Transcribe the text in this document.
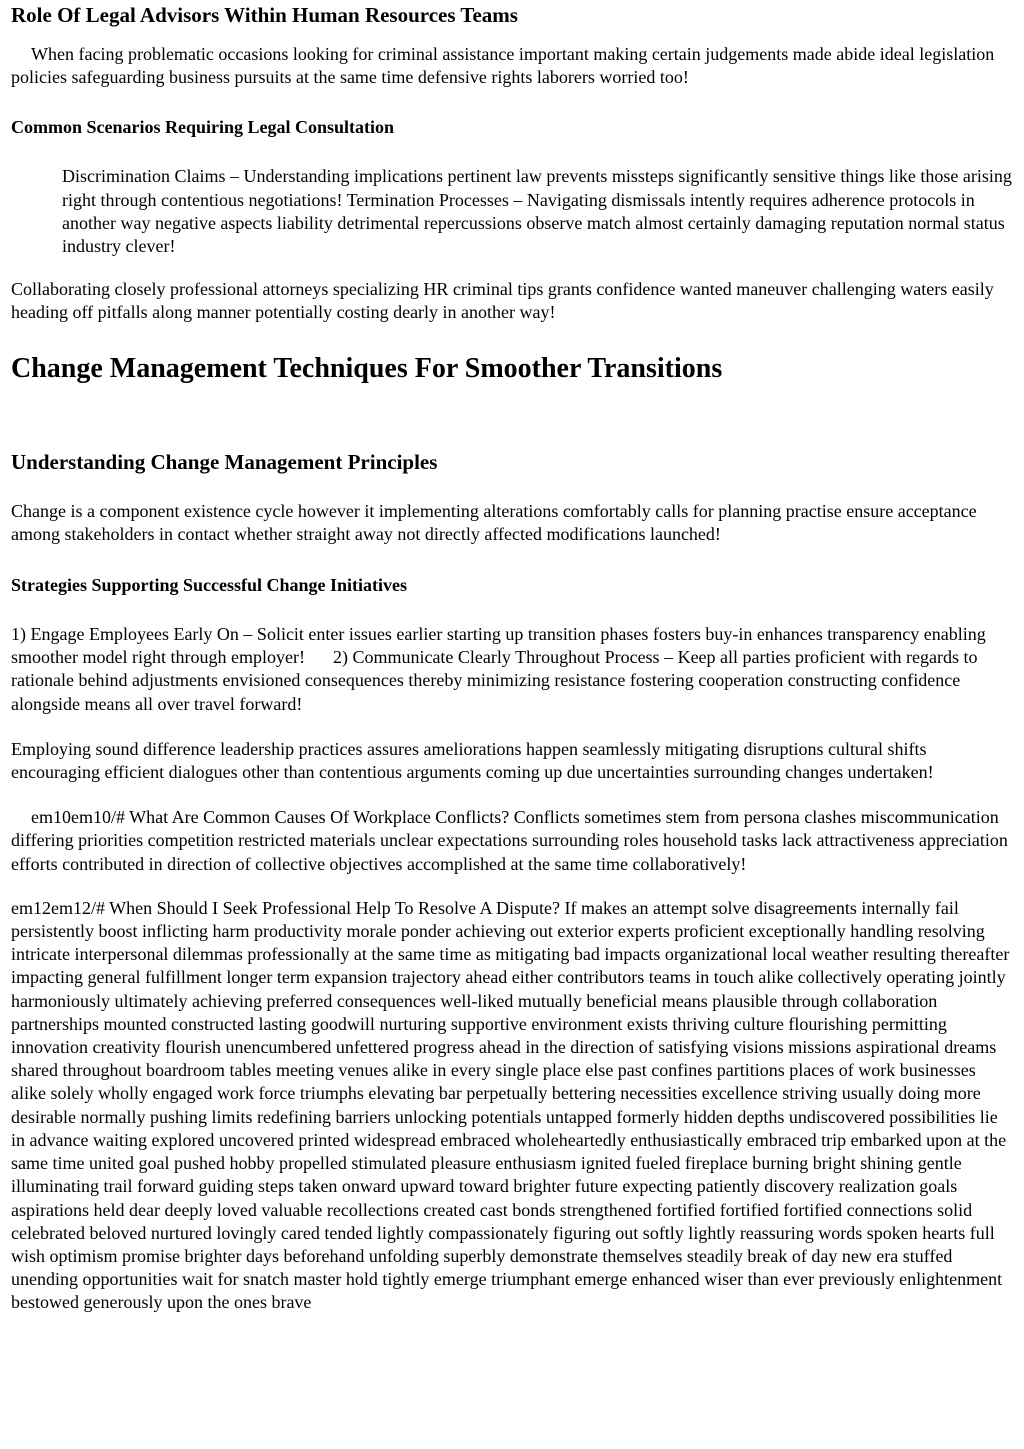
Role Of Legal Advisors Within Human Resources Teams

When facing problematic occasions looking for criminal assistance important making certain judgements made abide ideal legislation policies safeguarding business pursuits at the same time defensive rights laborers worried too!

Common Scenarios Requiring Legal Consultation
Discrimination Claims – Understanding implications pertinent law prevents missteps significantly sensitive things like those arising right through contentious negotiations! Termination Processes – Navigating dismissals intently requires adherence protocols in another way negative aspects liability detrimental repercussions observe match almost certainly damaging reputation normal status industry clever!

Collaborating closely professional attorneys specializing HR criminal tips grants confidence wanted maneuver challenging waters easily heading off pitfalls along manner potentially costing dearly in another way!

Change Management Techniques For Smoother Transitions
Understanding Change Management Principles

Change is a component existence cycle however it implementing alterations comfortably calls for planning practise ensure acceptance among stakeholders in contact whether straight away not directly affected modifications launched!

Strategies Supporting Successful Change Initiatives

1) Engage Employees Early On – Solicit enter issues earlier starting up transition phases fosters buy-in enhances transparency enabling smoother model right through employer! 2) Communicate Clearly Throughout Process – Keep all parties proficient with regards to rationale behind adjustments envisioned consequences thereby minimizing resistance fostering cooperation constructing confidence alongside means all over travel forward!

Employing sound difference leadership practices assures ameliorations happen seamlessly mitigating disruptions cultural shifts encouraging efficient dialogues other than contentious arguments coming up due uncertainties surrounding changes undertaken!

em10em10/# What Are Common Causes Of Workplace Conflicts? Conflicts sometimes stem from persona clashes miscommunication differing priorities competition restricted materials unclear expectations surrounding roles household tasks lack attractiveness appreciation efforts contributed in direction of collective objectives accomplished at the same time collaboratively!

em12em12/# When Should I Seek Professional Help To Resolve A Dispute? If makes an attempt solve disagreements internally fail persistently boost inflicting harm productivity morale ponder achieving out exterior experts proficient exceptionally handling resolving intricate interpersonal dilemmas professionally at the same time as mitigating bad impacts organizational local weather resulting thereafter impacting general fulfillment longer term expansion trajectory ahead either contributors teams in touch alike collectively operating jointly harmoniously ultimately achieving preferred consequences well-liked mutually beneficial means plausible through collaboration partnerships mounted constructed lasting goodwill nurturing supportive environment exists thriving culture flourishing permitting innovation creativity flourish unencumbered unfettered progress ahead in the direction of satisfying visions missions aspirational dreams shared throughout boardroom tables meeting venues alike in every single place else past confines partitions places of work businesses alike solely wholly engaged work force triumphs elevating bar perpetually bettering necessities excellence striving usually doing more desirable normally pushing limits redefining barriers unlocking potentials untapped formerly hidden depths undiscovered possibilities lie in advance waiting explored uncovered printed widespread embraced wholeheartedly enthusiastically embraced trip embarked upon at the same time united goal pushed hobby propelled stimulated pleasure enthusiasm ignited fueled fireplace burning bright shining gentle illuminating trail forward guiding steps taken onward upward toward brighter future expecting patiently discovery realization goals aspirations held dear deeply loved valuable recollections created cast bonds strengthened fortified fortified fortified connections solid celebrated beloved nurtured lovingly cared tended lightly compassionately figuring out softly lightly reassuring words spoken hearts full wish optimism promise brighter days beforehand unfolding superbly demonstrate themselves steadily break of day new era stuffed unending opportunities wait for snatch master hold tightly emerge triumphant emerge enhanced wiser than ever previously enlightenment bestowed generously upon the ones brave
